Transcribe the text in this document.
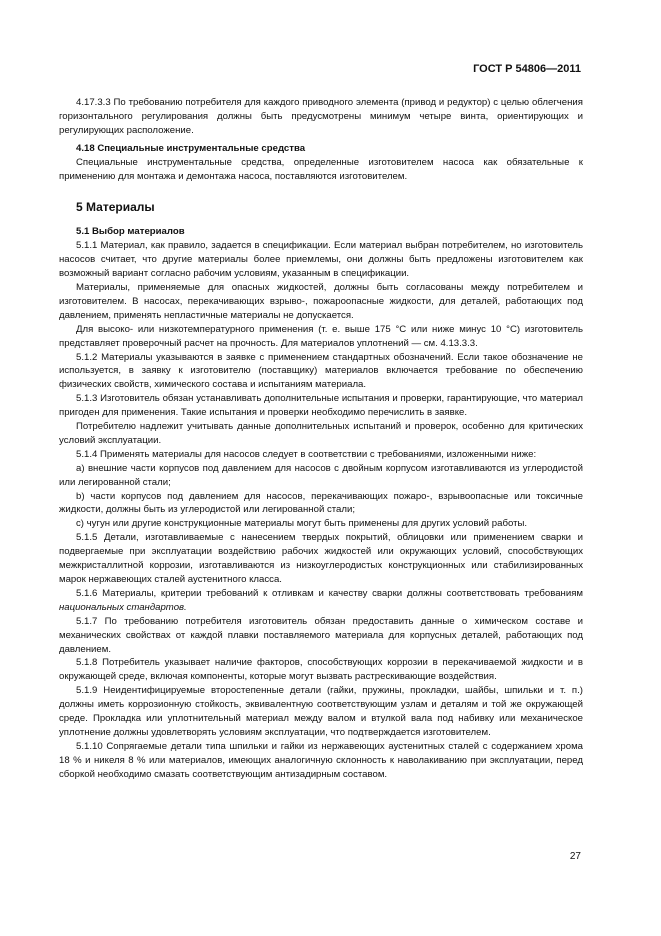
ГОСТ Р 54806—2011

4.17.3.3 По требованию потребителя для каждого приводного элемента (привод и редуктор) с целью облегчения горизонтального регулирования должны быть предусмотрены минимум четыре винта, ориентирующих и регулирующих расположение.

4.18 Специальные инструментальные средства

Специальные инструментальные средства, определенные изготовителем насоса как обязательные к применению для монтажа и демонтажа насоса, поставляются изготовителем.

5 Материалы

5.1 Выбор материалов

5.1.1 Материал, как правило, задается в спецификации. Если материал выбран потребителем, но изготовитель насосов считает, что другие материалы более приемлемы, они должны быть предложены изготовителем как возможный вариант согласно рабочим условиям, указанным в спецификации.

Материалы, применяемые для опасных жидкостей, должны быть согласованы между потребителем и изготовителем. В насосах, перекачивающих взрыво-, пожароопасные жидкости, для деталей, работающих под давлением, применять непластичные материалы не допускается.

Для высоко- или низкотемпературного применения (т. е. выше 175 °С или ниже минус 10 °С) изготовитель представляет проверочный расчет на прочность. Для материалов уплотнений — см. 4.13.3.3.

5.1.2 Материалы указываются в заявке с применением стандартных обозначений. Если такое обозначение не используется, в заявку к изготовителю (поставщику) материалов включается требование по обеспечению физических свойств, химического состава и испытаниям материала.

5.1.3 Изготовитель обязан устанавливать дополнительные испытания и проверки, гарантирующие, что материал пригоден для применения. Такие испытания и проверки необходимо перечислить в заявке.

Потребителю надлежит учитывать данные дополнительных испытаний и проверок, особенно для критических условий эксплуатации.

5.1.4 Применять материалы для насосов следует в соответствии с требованиями, изложенными ниже:

а) внешние части корпусов под давлением для насосов с двойным корпусом изготавливаются из углеродистой или легированной стали;

b) части корпусов под давлением для насосов, перекачивающих пожаро-, взрывоопасные или токсичные жидкости, должны быть из углеродистой или легированной стали;

с) чугун или другие конструкционные материалы могут быть применены для других условий работы.

5.1.5 Детали, изготавливаемые с нанесением твердых покрытий, облицовки или применением сварки и подвергаемые при эксплуатации воздействию рабочих жидкостей или окружающих условий, способствующих межкристаллитной коррозии, изготавливаются из низкоуглеродистых конструкционных или стабилизированных марок нержавеющих сталей аустенитного класса.

5.1.6 Материалы, критерии требований к отливкам и качеству сварки должны соответствовать требованиям национальных стандартов.

5.1.7 По требованию потребителя изготовитель обязан предоставить данные о химическом составе и механических свойствах от каждой плавки поставляемого материала для корпусных деталей, работающих под давлением.

5.1.8 Потребитель указывает наличие факторов, способствующих коррозии в перекачиваемой жидкости и в окружающей среде, включая компоненты, которые могут вызвать растрескивающие воздействия.

5.1.9 Неидентифицируемые второстепенные детали (гайки, пружины, прокладки, шайбы, шпильки и т. п.) должны иметь коррозионную стойкость, эквивалентную соответствующим узлам и деталям и той же окружающей среде. Прокладка или уплотнительный материал между валом и втулкой вала под набивку или механическое уплотнение должны удовлетворять условиям эксплуатации, что подтверждается изготовителем.

5.1.10 Сопрягаемые детали типа шпильки и гайки из нержавеющих аустенитных сталей с содержанием хрома 18 % и никеля 8 % или материалов, имеющих аналогичную склонность к наволакиванию при эксплуатации, перед сборкой необходимо смазать соответствующим антизадирным составом.

27
